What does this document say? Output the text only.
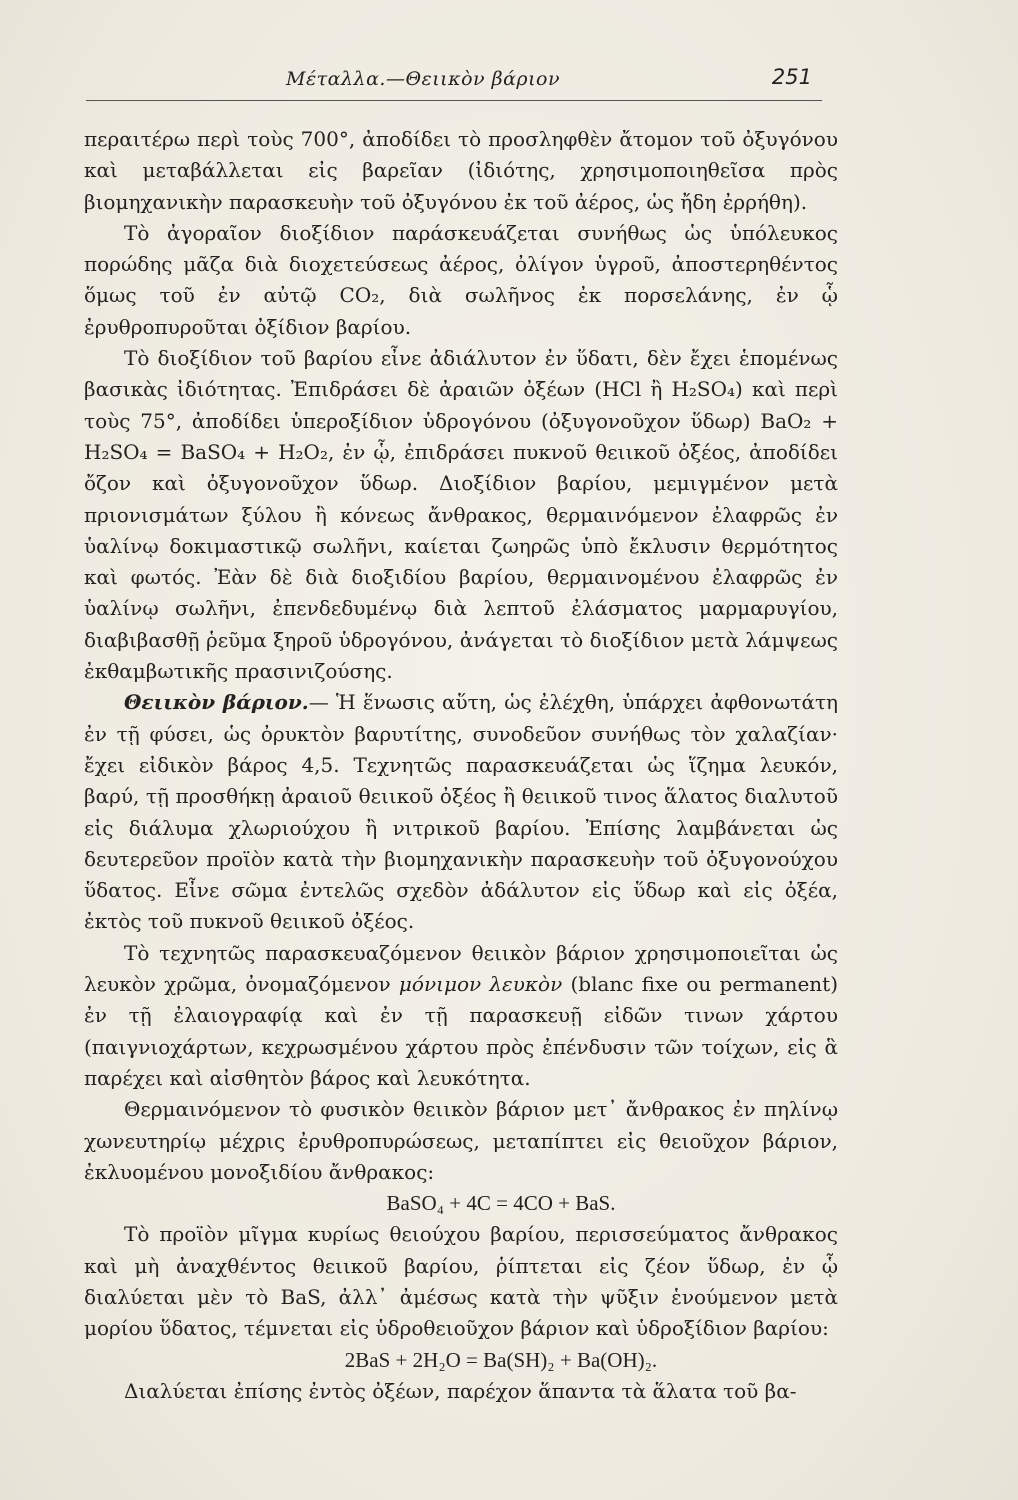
Μέταλλα.—Θειικὸν βάριον	251

περαιτέρω περὶ τοὺς 700°, ἀποδίδει τὸ προσληφθὲν ἄτομον τοῦ ὀξυγόνου καὶ μεταβάλλεται εἰς βαρεῖαν (ἰδιότης, χρησιμοποιηθεῖσα πρὸς βιομηχανικὴν παρασκευὴν τοῦ ὀξυγόνου ἐκ τοῦ ἀέρος, ὡς ἤδη ἐρρήθη).

Τὸ ἀγοραῖον διοξίδιον παράσκευάζεται συνήθως ὡς ὑπόλευκος πορώδης μᾶζα διὰ διοχετεύσεως ἀέρος, ὀλίγον ὑγροῦ, ἀποστερηθέντος ὅμως τοῦ ἐν αὐτῷ CO₂, διὰ σωλῆνος ἐκ πορσελάνης, ἐν ᾧ ἐρυθροπυροῦται ὀξίδιον βαρίου.

Τὸ διοξίδιον τοῦ βαρίου εἶνε ἀδιάλυτον ἐν ὕδατι, δὲν ἔχει ἑπομένως βασικὰς ἰδιότητας. Ἐπιδράσει δὲ ἀραιῶν ὀξέων (HCl ἢ H₂SO₄) καὶ περὶ τοὺς 75°, ἀποδίδει ὑπεροξίδιον ὑδρογόνου (ὀξυγονοῦχον ὕδωρ) BaO₂ + H₂SO₄ = BaSO₄ + H₂O₂, ἐν ᾧ, ἐπιδράσει πυκνοῦ θειικοῦ ὀξέος, ἀποδίδει ὄζον καὶ ὀξυγονοῦχον ὕδωρ. Διοξίδιον βαρίου, μεμιγμένον μετὰ πριονισμάτων ξύλου ἢ κόνεως ἄνθρακος, θερμαινόμενον ἐλαφρῶς ἐν ὑαλίνῳ δοκιμαστικῷ σωλῆνι, καίεται ζωηρῶς ὑπὸ ἔκλυσιν θερμότητος καὶ φωτός. Ἐὰν δὲ διὰ διοξιδίου βαρίου, θερμαινομένου ἐλαφρῶς ἐν ὑαλίνῳ σωλῆνι, ἐπενδεδυμένῳ διὰ λεπτοῦ ἐλάσματος μαρμαρυγίου, διαβιβασθῇ ῥεῦμα ξηροῦ ὑδρογόνου, ἀνάγεται τὸ διοξίδιον μετὰ λάμψεως ἐκθαμβωτικῆς πρασινιζούσης.

Θειικὸν βάριον.— Ἡ ἕνωσις αὕτη, ὡς ἐλέχθη, ὑπάρχει ἀφθονωτάτη ἐν τῇ φύσει, ὡς ὀρυκτὸν βαρυτίτης, συνοδεῦον συνήθως τὸν χαλαζίαν· ἔχει εἰδικὸν βάρος 4,5. Τεχνητῶς παρασκευάζεται ὡς ἵζημα λευκόν, βαρύ, τῇ προσθήκῃ ἀραιοῦ θειικοῦ ὀξέος ἢ θειικοῦ τινος ἅλατος διαλυτοῦ εἰς διάλυμα χλωριούχου ἢ νιτρικοῦ βαρίου. Ἐπίσης λαμβάνεται ὡς δευτερεῦον προϊὸν κατὰ τὴν βιομηχανικὴν παρασκευὴν τοῦ ὀξυγονούχου ὕδατος. Εἶνε σῶμα ἐντελῶς σχεδὸν ἀδάλυτον εἰς ὕδωρ καὶ εἰς ὀξέα, ἐκτὸς τοῦ πυκνοῦ θειικοῦ ὀξέος.

Τὸ τεχνητῶς παρασκευαζόμενον θειικὸν βάριον χρησιμοποιεῖται ὡς λευκὸν χρῶμα, ὀνομαζόμενον μόνιμον λευκὸν (blanc fixe ou permanent) ἐν τῇ ἐλαιογραφίᾳ καὶ ἐν τῇ παρασκευῇ εἰδῶν τινων χάρτου (παιγνιοχάρτων, κεχρωσμένου χάρτου πρὸς ἐπένδυσιν τῶν τοίχων, εἰς ἃ παρέχει καὶ αἰσθητὸν βάρος καὶ λευκότητα.

Θερμαινόμενον τὸ φυσικὸν θειικὸν βάριον μετ᾽ ἄνθρακος ἐν πηλίνῳ χωνευτηρίῳ μέχρις ἐρυθροπυρώσεως, μεταπίπτει εἰς θειοῦχον βάριον, ἐκλυομένου μονοξιδίου ἄνθρακος:

BaSO₄ + 4C = 4CO + BaS.

Τὸ προϊὸν μῖγμα κυρίως θειούχου βαρίου, περισσεύματος ἄνθρακος καὶ μὴ ἀναχθέντος θειικοῦ βαρίου, ῥίπτεται εἰς ζέον ὕδωρ, ἐν ᾧ διαλύεται μὲν τὸ BaS, ἀλλ᾽ ἀμέσως κατὰ τὴν ψῦξιν ἑνούμενον μετὰ μορίου ὕδατος, τέμνεται εἰς ὑδροθειοῦχον βάριον καὶ ὑδροξίδιον βαρίου:

2BaS + 2H₂O = Ba(SH)₂ + Ba(OH)₂.

Διαλύεται ἐπίσης ἐντὸς ὀξέων, παρέχον ἅπαντα τὰ ἅλατα τοῦ βα-
